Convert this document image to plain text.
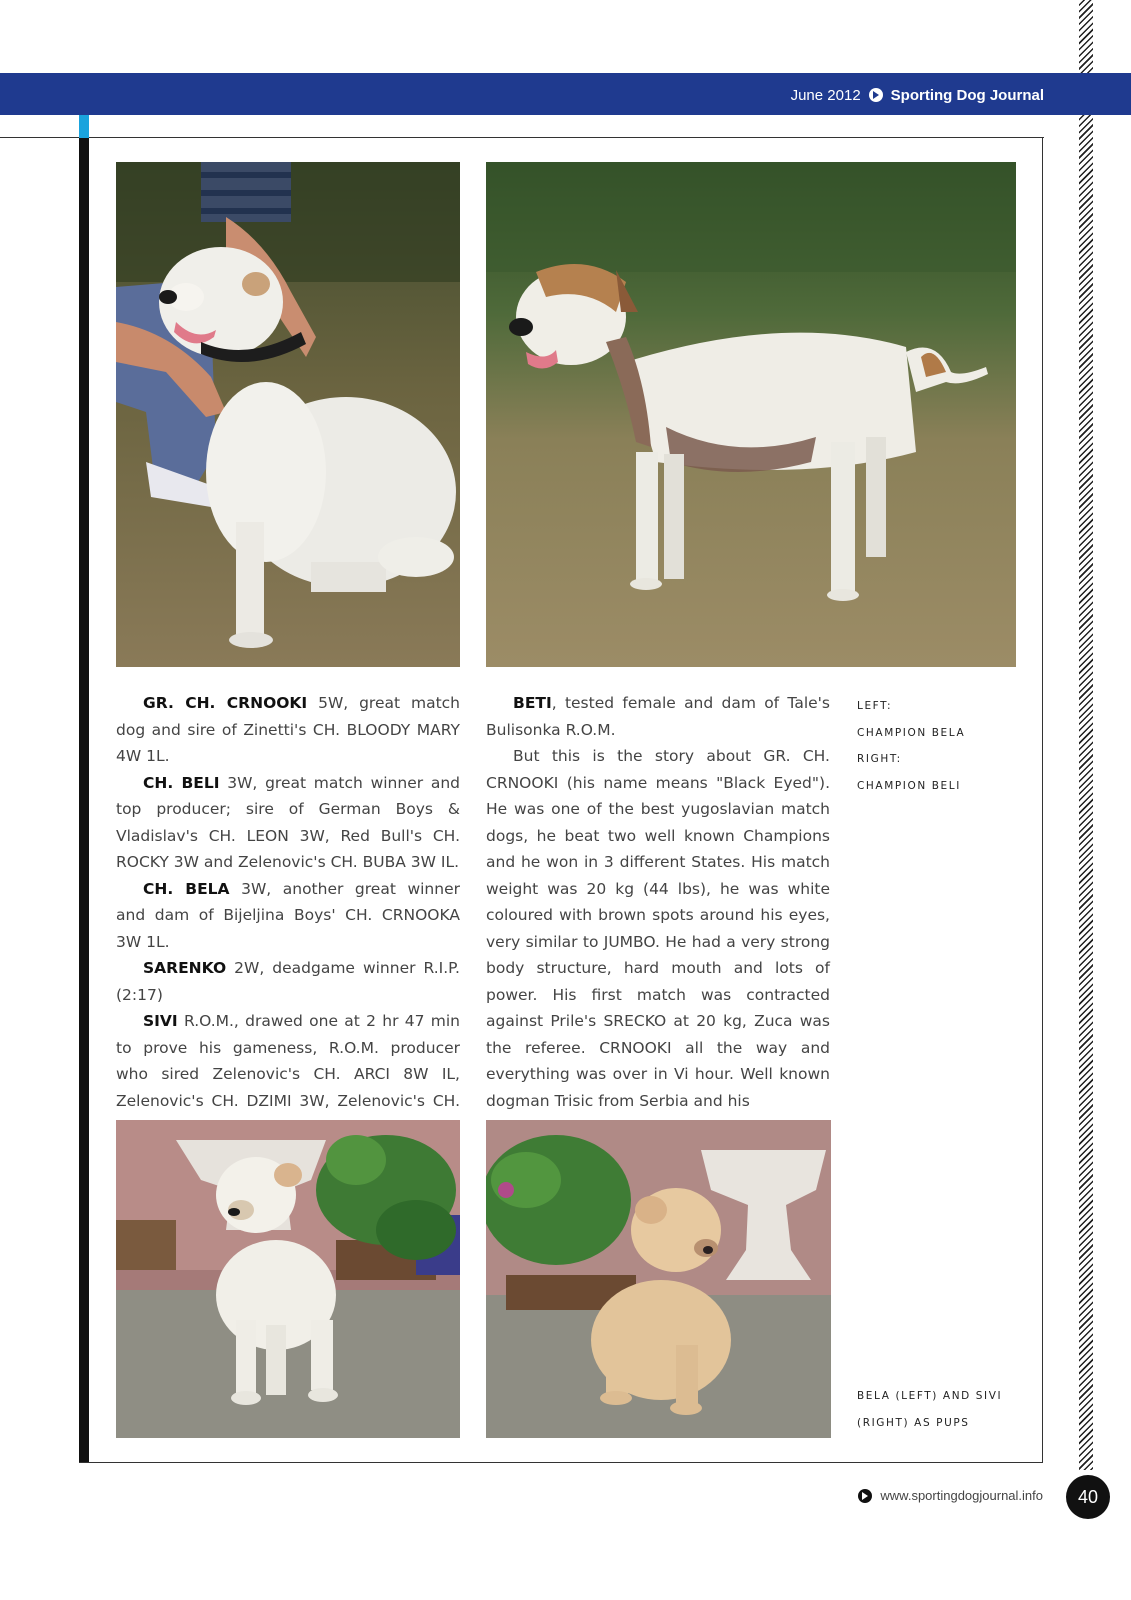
June 2012 Sporting Dog Journal

GR. CH. CRNOOKI 5W, great match dog and sire of Zinetti's CH. BLOODY MARY 4W 1L.

CH. BELI 3W, great match winner and top producer; sire of German Boys & Vladislav's CH. LEON 3W, Red Bull's CH. ROCKY 3W and Zelenovic's CH. BUBA 3W IL.

CH. BELA 3W, another great winner and dam of Bijeljina Boys' CH. CRNOOKA 3W 1L.

SARENKO 2W, deadgame winner R.I.P. (2:17)

SIVI R.O.M., drawed one at 2 hr 47 min to prove his gameness, R.O.M. producer who sired Zelenovic's CH. ARCI 8W IL, Zelenovic's CH. DZIMI 3W, Zelenovic's CH.

BETI, tested female and dam of Tale's Bulisonka R.O.M.

But this is the story about GR. CH. CRNOOKI (his name means "Black Eyed"). He was one of the best yugoslavian match dogs, he beat two well known Champions and he won in 3 different States. His match weight was 20 kg (44 lbs), he was white coloured with brown spots around his eyes, very similar to JUMBO. He had a very strong body structure, hard mouth and lots of power. His first match was contracted against Prile's SRECKO at 20 kg, Zuca was the referee. CRNOOKI all the way and everything was over in Vi hour. Well known dogman Trisic from Serbia and his

LEFT:
CHAMPION BELA
RIGHT:
CHAMPION BELI
BELA (LEFT) AND SIVI
(RIGHT) AS PUPS
www.sportingdogjournal.info	40
